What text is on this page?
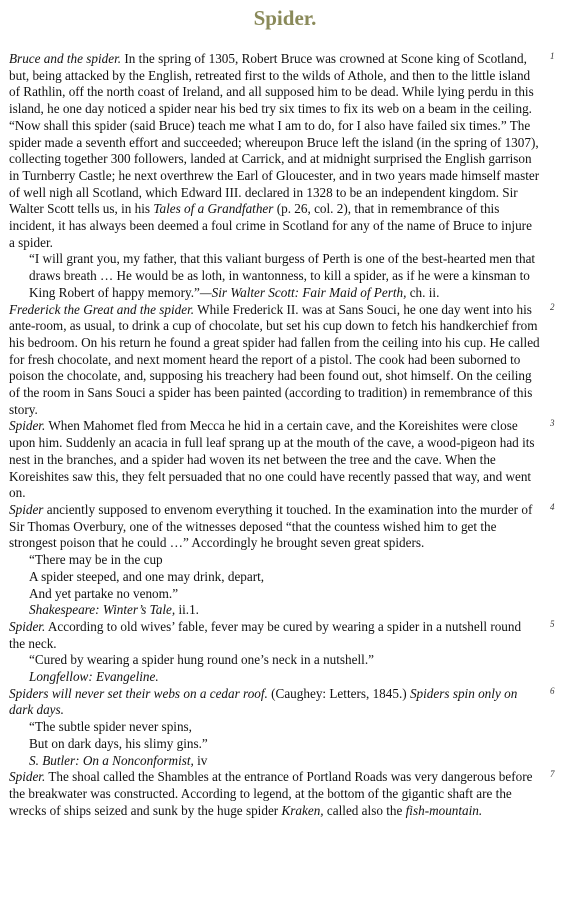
Spider.
1

Bruce and the spider. In the spring of 1305, Robert Bruce was crowned at Scone king of Scotland, but, being attacked by the English, retreated first to the wilds of Athole, and then to the little island of Rathlin, off the north coast of Ireland, and all supposed him to be dead. While lying perdu in this island, he one day noticed a spider near his bed try six times to fix its web on a beam in the ceiling. “Now shall this spider (said Bruce) teach me what I am to do, for I also have failed six times.” The spider made a seventh effort and succeeded; whereupon Bruce left the island (in the spring of 1307), collecting together 300 followers, landed at Carrick, and at midnight surprised the English garrison in Turnberry Castle; he next overthrew the Earl of Gloucester, and in two years made himself master of well nigh all Scotland, which Edward III. declared in 1328 to be an independent kingdom. Sir Walter Scott tells us, in his Tales of a Grandfather (p. 26, col. 2), that in remembrance of this incident, it has always been deemed a foul crime in Scotland for any of the name of Bruce to injure a spider.

“I will grant you, my father, that this valiant burgess of Perth is one of the best-hearted men that draws breath … He would be as loth, in wantonness, to kill a spider, as if he were a kinsman to King Robert of happy memory.”—Sir Walter Scott: Fair Maid of Perth, ch. ii.

2

Frederick the Great and the spider. While Frederick II. was at Sans Souci, he one day went into his ante-room, as usual, to drink a cup of chocolate, but set his cup down to fetch his handkerchief from his bedroom. On his return he found a great spider had fallen from the ceiling into his cup. He called for fresh chocolate, and next moment heard the report of a pistol. The cook had been suborned to poison the chocolate, and, supposing his treachery had been found out, shot himself. On the ceiling of the room in Sans Souci a spider has been painted (according to tradition) in remembrance of this story.

3

Spider. When Mahomet fled from Mecca he hid in a certain cave, and the Koreishites were close upon him. Suddenly an acacia in full leaf sprang up at the mouth of the cave, a wood-pigeon had its nest in the branches, and a spider had woven its net between the tree and the cave. When the Koreishites saw this, they felt persuaded that no one could have recently passed that way, and went on.

4

Spider anciently supposed to envenom everything it touched. In the examination into the murder of Sir Thomas Overbury, one of the witnesses deposed “that the countess wished him to get the strongest poison that he could …” Accordingly he brought seven great spiders.

“There may be in the cup

A spider steeped, and one may drink, depart,

And yet partake no venom.”

Shakespeare: Winter’s Tale, ii.1.

5

Spider. According to old wives’ fable, fever may be cured by wearing a spider in a nutshell round the neck.

“Cured by wearing a spider hung round one’s neck in a nutshell.”

Longfellow: Evangeline.

6

Spiders will never set their webs on a cedar roof. (Caughey: Letters, 1845.) Spiders spin only on dark days.

“The subtle spider never spins,

But on dark days, his slimy gins.”

S. Butler: On a Nonconformist, iv

7

Spider. The shoal called the Shambles at the entrance of Portland Roads was very dangerous before the breakwater was constructed. According to legend, at the bottom of the gigantic shaft are the wrecks of ships seized and sunk by the huge spider Kraken, called also the fish-mountain.
